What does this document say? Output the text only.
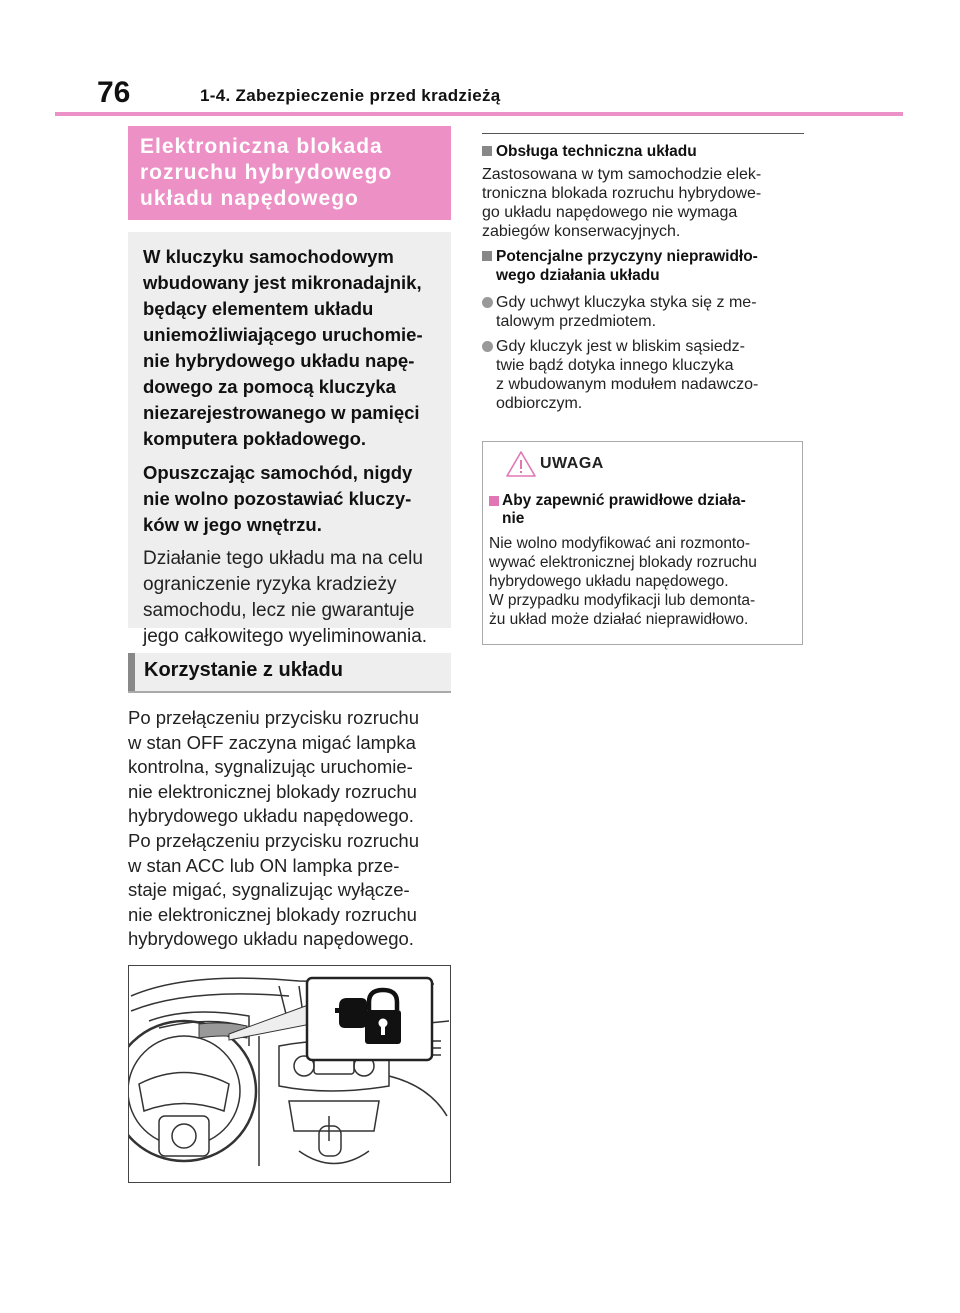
76	1-4. Zabezpieczenie przed kradzieżą
Elektroniczna blokada
rozruchu hybrydowego
układu napędowego

W kluczyku samochodowym
wbudowany jest mikronadajnik,
będący elementem układu
uniemożliwiającego uruchomie-
nie hybrydowego układu napę-
dowego za pomocą kluczyka
niezarejestrowanego w pamięci
komputera pokładowego.

Opuszczając samochód, nigdy
nie wolno pozostawiać kluczy-
ków w jego wnętrzu.

Działanie tego układu ma na celu
ograniczenie ryzyka kradzieży
samochodu, lecz nie gwarantuje
jego całkowitego wyeliminowania.

Korzystanie z układu
Po przełączeniu przycisku rozruchu
w stan OFF zaczyna migać lampka
kontrolna, sygnalizując uruchomie-
nie elektronicznej blokady rozruchu
hybrydowego układu napędowego.
Po przełączeniu przycisku rozruchu
w stan ACC lub ON lampka prze-
staje migać, sygnalizując wyłącze-
nie elektronicznej blokady rozruchu
hybrydowego układu napędowego.

Obsługa techniczna układu

Zastosowana w tym samochodzie elek-
troniczna blokada rozruchu hybrydowe-
go układu napędowego nie wymaga
zabiegów konserwacyjnych.

Potencjalne przyczyny nieprawidło-
wego działania układu

Gdy uchwyt kluczyka styka się z me-
talowym przedmiotem.
Gdy kluczyk jest w bliskim sąsiedz-
twie bądź dotyka innego kluczyka
z wbudowanym modułem nadawczo-
odbiorczym.
UWAGA
Aby zapewnić prawidłowe działa-
nie
Nie wolno modyfikować ani rozmonto-
wywać elektronicznej blokady rozruchu
hybrydowego układu napędowego.
W przypadku modyfikacji lub demonta-
żu układ może działać nieprawidłowo.
